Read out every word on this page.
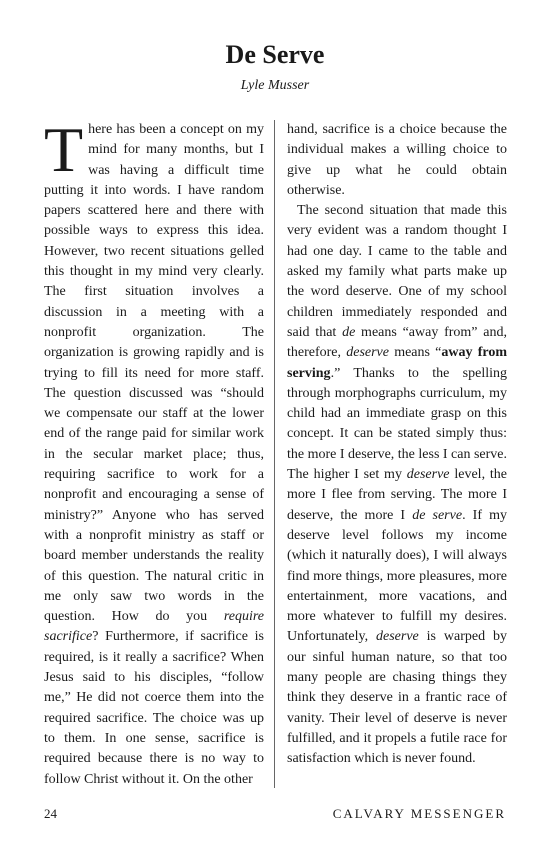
De Serve
Lyle Musser

There has been a concept on my mind for many months, but I was having a difficult time putting it into words. I have random papers scattered here and there with possible ways to express this idea. However, two recent situations gelled this thought in my mind very clearly. The first situation involves a discussion in a meeting with a nonprofit organization. The organization is growing rapidly and is trying to fill its need for more staff. The question discussed was “should we compensate our staff at the lower end of the range paid for similar work in the secular market place; thus, requiring sacrifice to work for a nonprofit and encouraging a sense of ministry?” Anyone who has served with a nonprofit ministry as staff or board member understands the reality of this question. The natural critic in me only saw two words in the question. How do you require sacrifice? Furthermore, if sacrifice is required, is it really a sacrifice? When Jesus said to his disciples, “follow me,” He did not coerce them into the required sacrifice. The choice was up to them. In one sense, sacrifice is required because there is no way to follow Christ without it. On the other

hand, sacrifice is a choice because the individual makes a willing choice to give up what he could obtain otherwise.

The second situation that made this very evident was a random thought I had one day. I came to the table and asked my family what parts make up the word deserve. One of my school children immediately responded and said that de means “away from” and, therefore, deserve means “away from serving.” Thanks to the spelling through morphographs curriculum, my child had an immediate grasp on this concept. It can be stated simply thus: the more I deserve, the less I can serve. The higher I set my deserve level, the more I flee from serving. The more I deserve, the more I de serve. If my deserve level follows my income (which it naturally does), I will always find more things, more pleasures, more entertainment, more vacations, and more whatever to fulfill my desires. Unfortunately, deserve is warped by our sinful human nature, so that too many people are chasing things they think they deserve in a frantic race of vanity. Their level of deserve is never fulfilled, and it propels a futile race for satisfaction which is never found.

24	CALVARY MESSENGER
